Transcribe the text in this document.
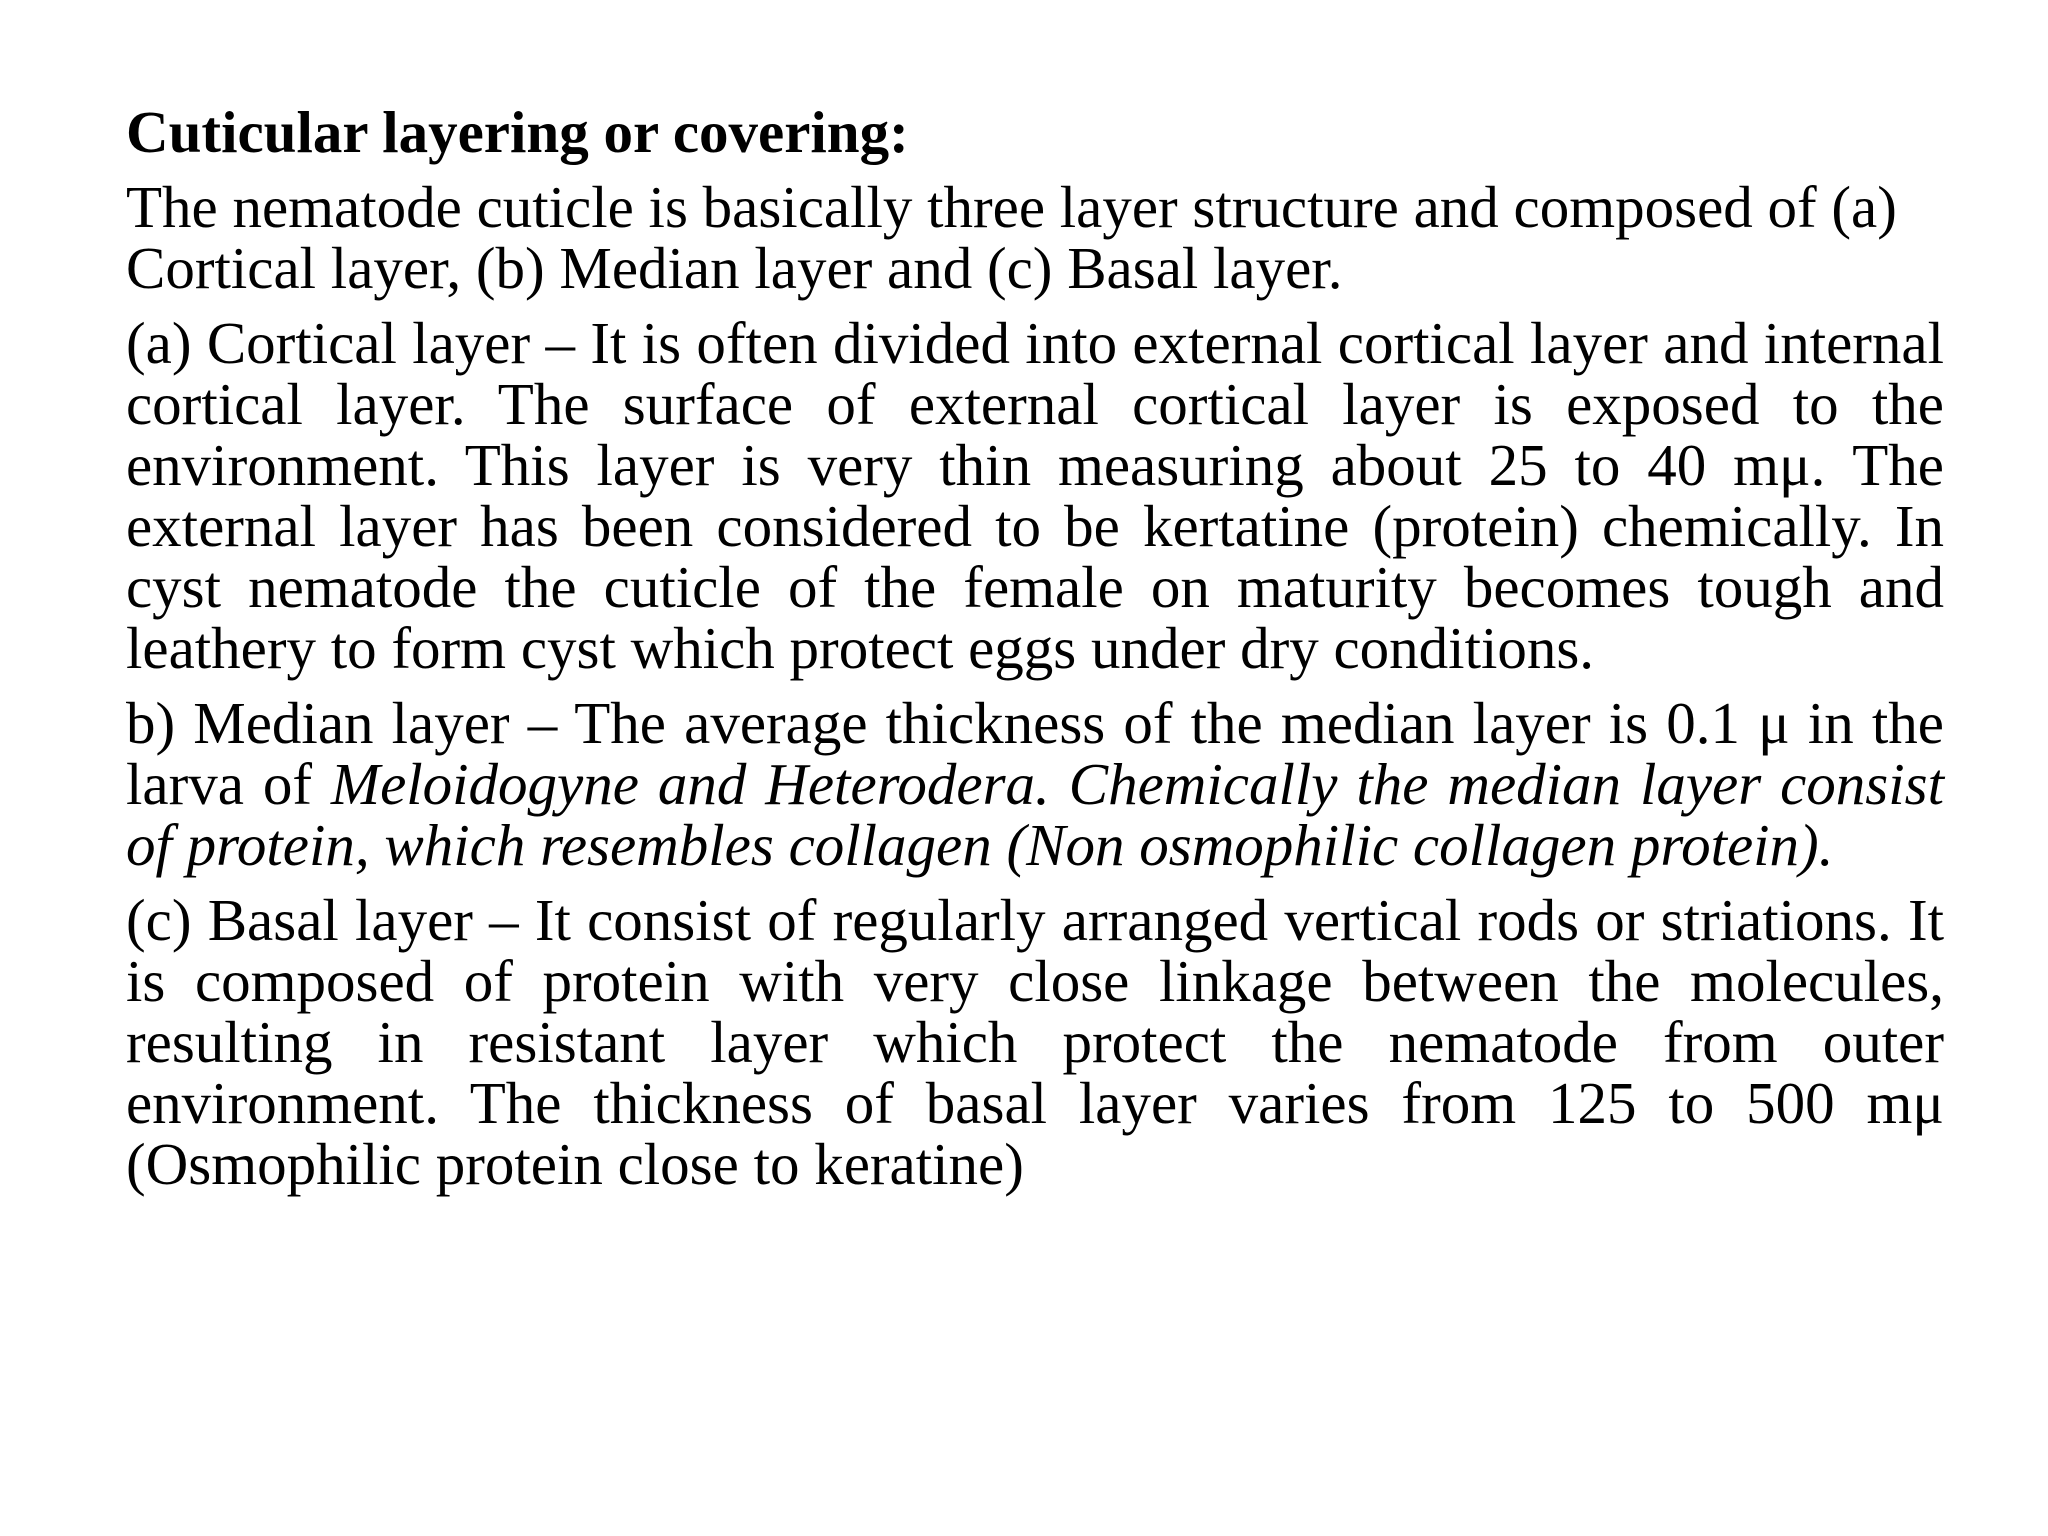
Cuticular layering or covering:
The nematode cuticle is basically three layer structure and composed of (a) Cortical layer, (b) Median layer and (c) Basal layer.
(a) Cortical layer – It is often divided into external cortical layer and internal cortical layer. The surface of external cortical layer is exposed to the environment. This layer is very thin measuring about 25 to 40 mμ. The external layer has been considered to be kertatine (protein) chemically. In cyst nematode the cuticle of the female on maturity becomes tough and leathery to form cyst which protect eggs under dry conditions.
b) Median layer – The average thickness of the median layer is 0.1 μ in the larva of Meloidogyne and Heterodera. Chemically the median layer consist of protein, which resembles collagen (Non osmophilic collagen protein).
(c) Basal layer – It consist of regularly arranged vertical rods or striations. It is composed of protein with very close linkage between the molecules, resulting in resistant layer which protect the nematode from outer environment. The thickness of basal layer varies from 125 to 500 mμ (Osmophilic protein close to keratine)
